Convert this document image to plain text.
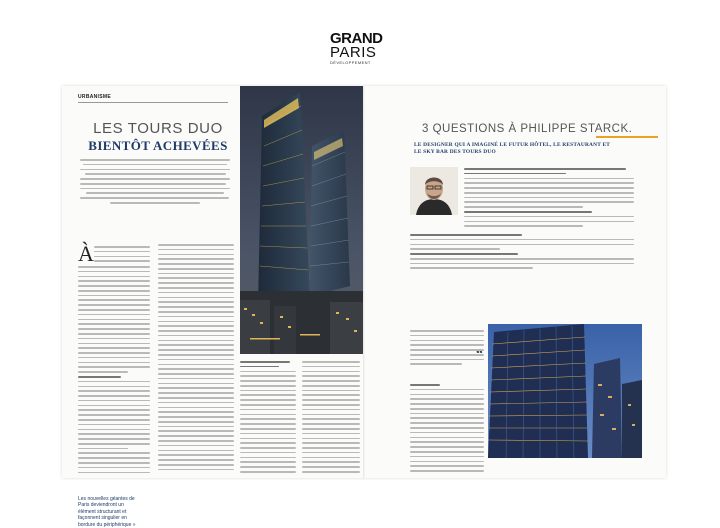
GRAND
PARIS
DÉVELOPPEMENT
URBANISME
LES TOURS DUO
BIENTÔT ACHEVÉES
À
Les nouvelles géantes de Paris deviendront un élément structurant et façonnent singulier en bordure du périphérique »
3 QUESTIONS À PHILIPPE STARCK.
LE DESIGNER QUI A IMAGINÉ LE FUTUR HÔTEL, LE RESTAURANT ET LE SKY BAR DES TOURS DUO
